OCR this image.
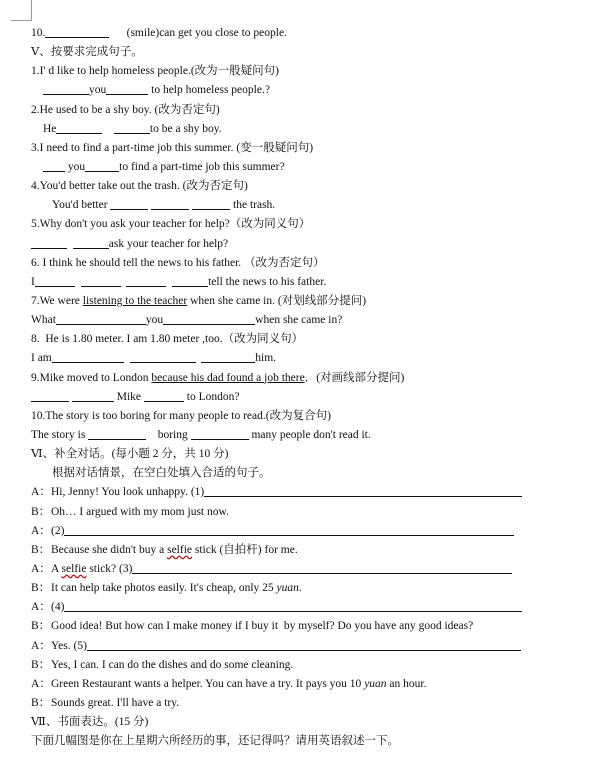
10.	(smile)can get you close to people.
Ⅴ、按要求完成句子。
1.I' d like to help homeless people.(改为一般疑问句)
you	to help homeless people.?
2.He used to be a shy boy. (改为否定句)
He	to be a shy boy.
3.I need to find a part-time job this summer. (变一般疑问句)
you	to find a part-time job this summer?
4.You'd better take out the trash. (改为否定句)
You'd better	the trash.
5.Why don't you ask your teacher for help?（改为同义句）
ask your teacher for help?
6. I think he should tell the news to his father. （改为否定句）
I	tell the news to his father.
7.We were listening to the teacher when she came in. (对划线部分提问)
What	you	when she came in?
8.  He is 1.80 meter. I am 1.80 meter ,too.（改为同义句）
I am	him.
9.Mike moved to London because his dad found a job there．(对画线部分提问)
Mike	to London?
10.The story is too boring for many people to read.(改为复合句)
The story is	boring	many people don't read it.
Ⅵ、补全对话。(每小题 2 分，共 10 分)
根据对话情景，在空白处填入合适的句子。
A：Hi, Jenny! You look unhappy. (1)
B：Oh… I argued with my mom just now.
A：(2)
B：Because she didn't buy a selfie stick (自拍杆) for me.
A：A selfie stick? (3)
B：It can help take photos easily. It's cheap, only 25 yuan.
A：(4)
B：Good idea! But how can I make money if I buy it  by myself? Do you have any good ideas?
A：Yes. (5)
B：Yes, I can. I can do the dishes and do some cleaning.
A：Green Restaurant wants a helper. You can have a try. It pays you 10 yuan an hour.
B：Sounds great. I'll have a try.
Ⅶ、书面表达。(15 分)
下面几幅图是你在上星期六所经历的事，还记得吗？请用英语叙述一下。
